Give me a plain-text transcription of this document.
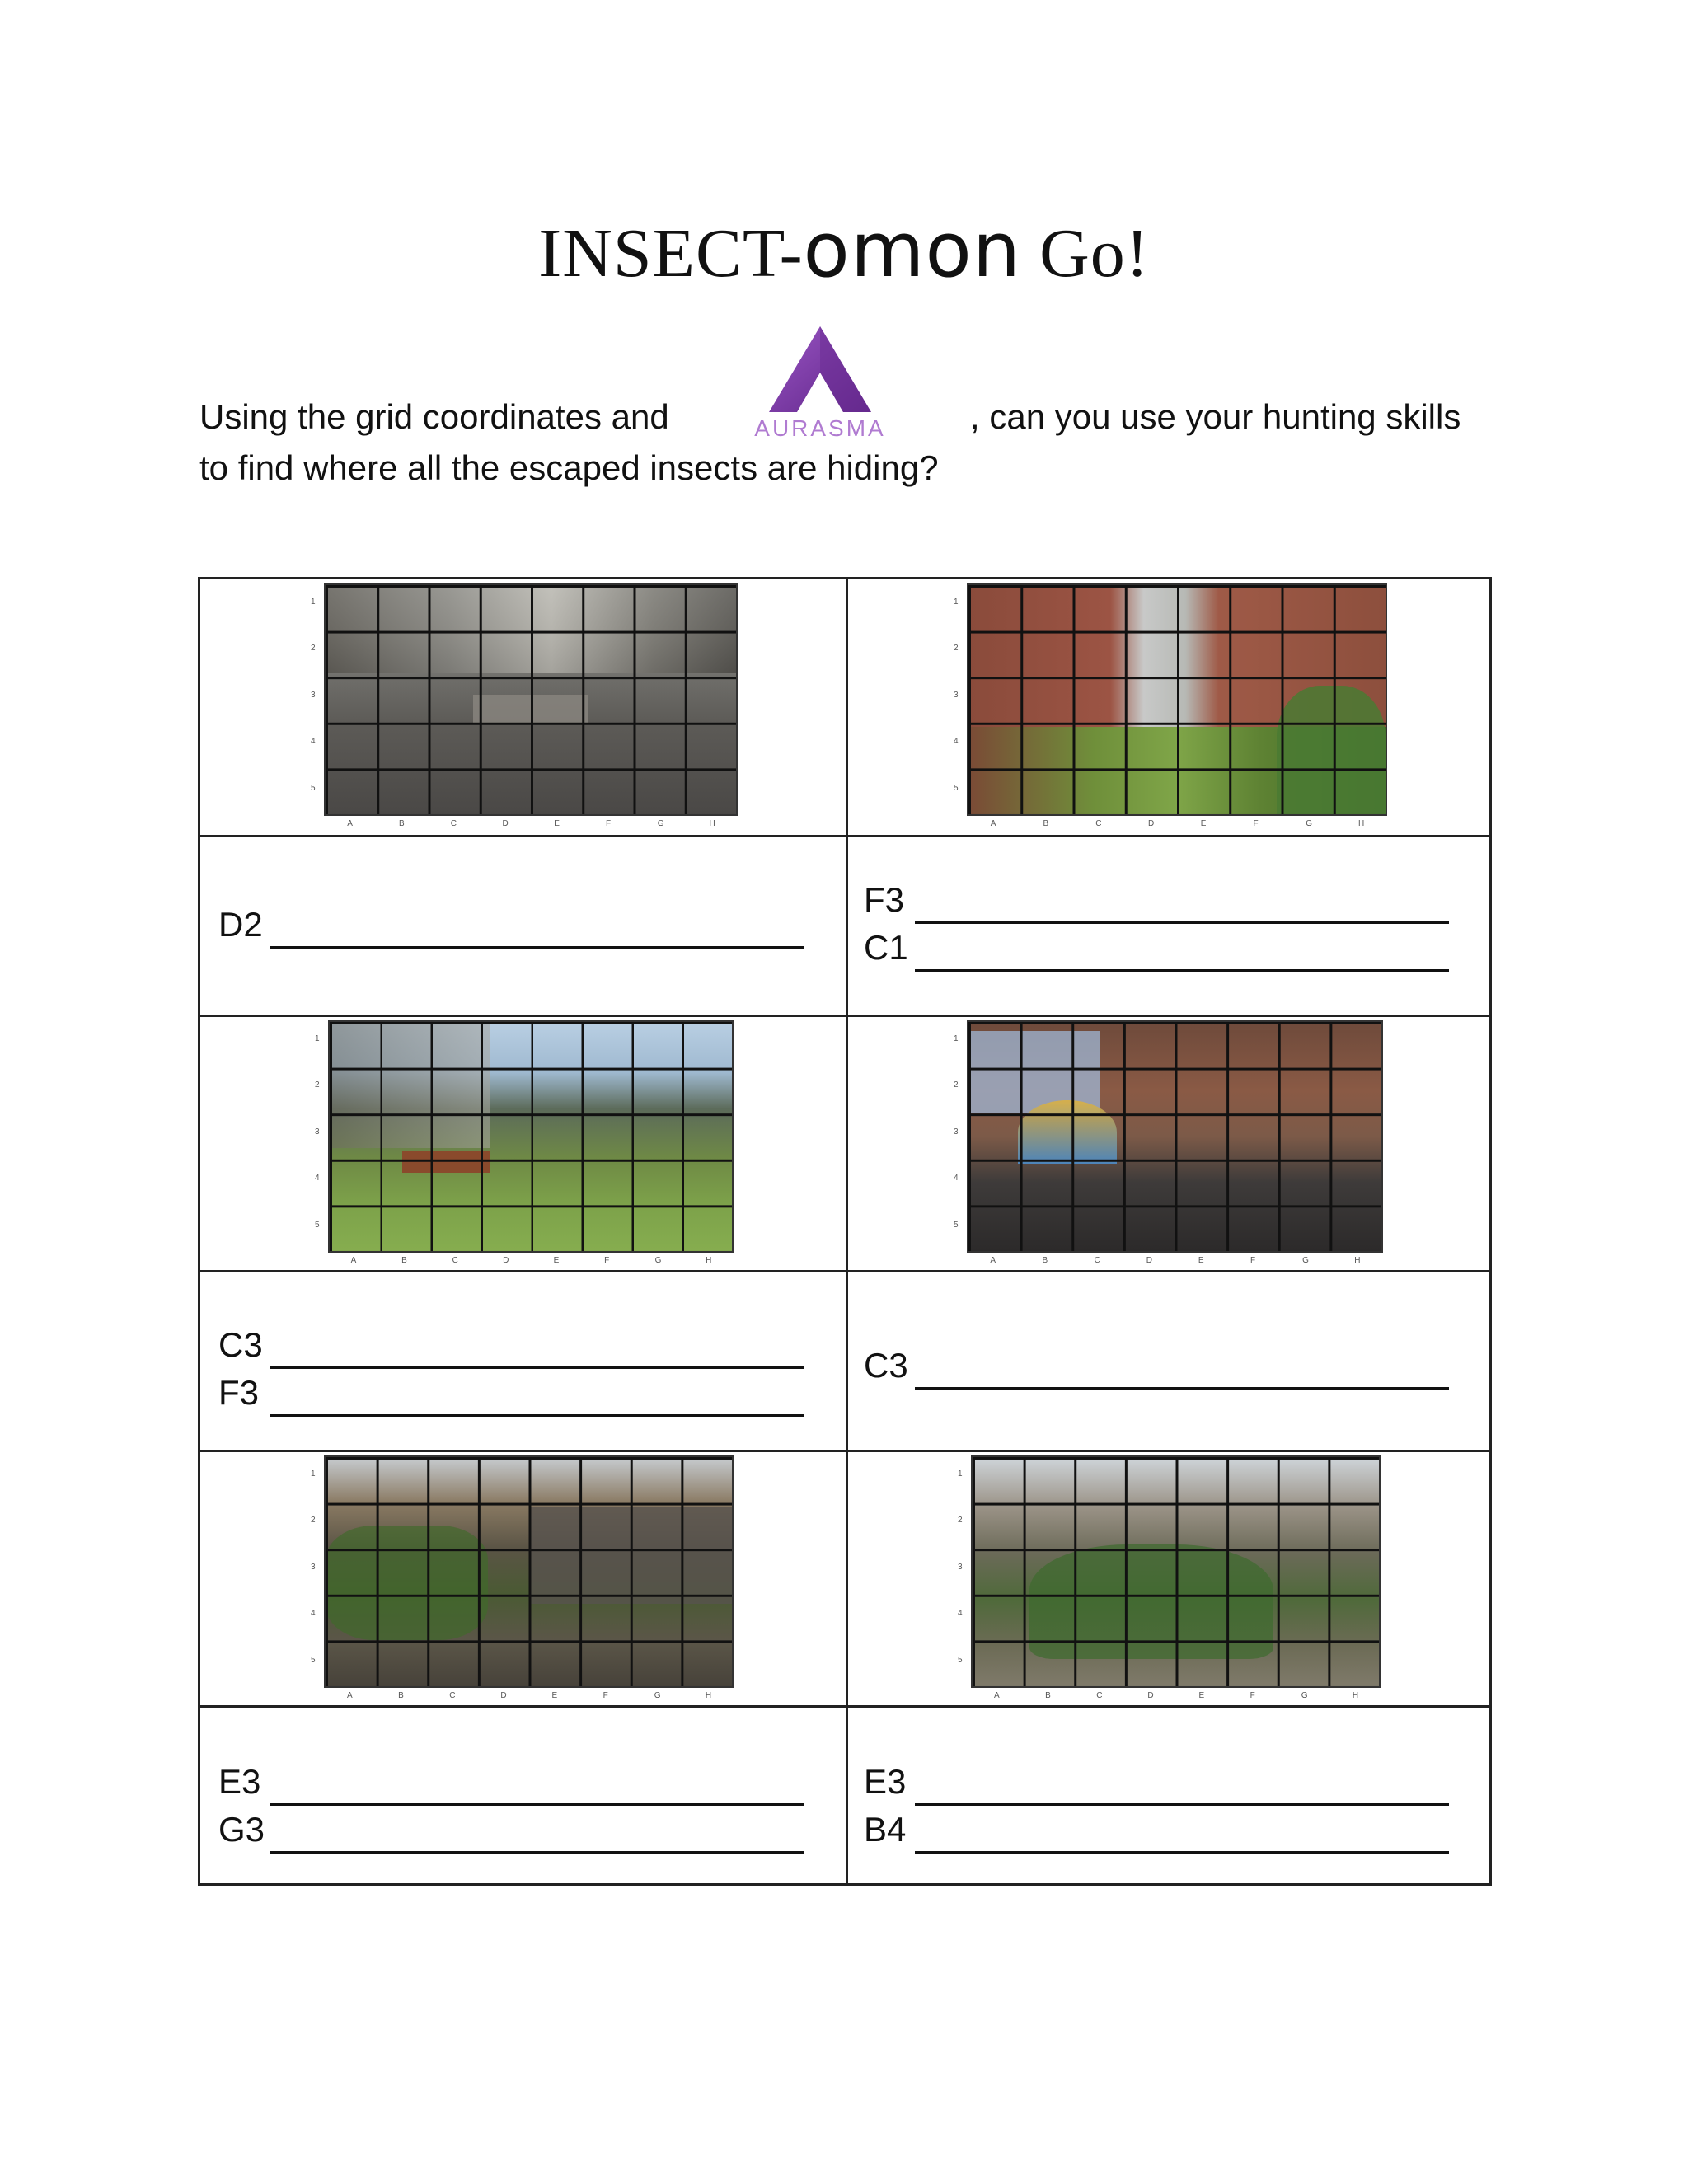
INSECT-omon Go!
Using the grid coordinates and	, can you use your hunting skills
to find where all the escaped insects are hiding?
AURASMA
1
2
3
4
5
A	B	C	D	E	F	G	H
1
2
3
4
5
A	B	C	D	E	F	G	H
1
2
3
4
5
A	B	C	D	E	F	G	H
1
2
3
4
5
A	B	C	D	E	F	G	H
1
2
3
4
5
A	B	C	D	E	F	G	H
1
2
3
4
5
A	B	C	D	E	F	G	H
D2
F3
C1
C3
F3
C3
E3
G3
E3
B4
